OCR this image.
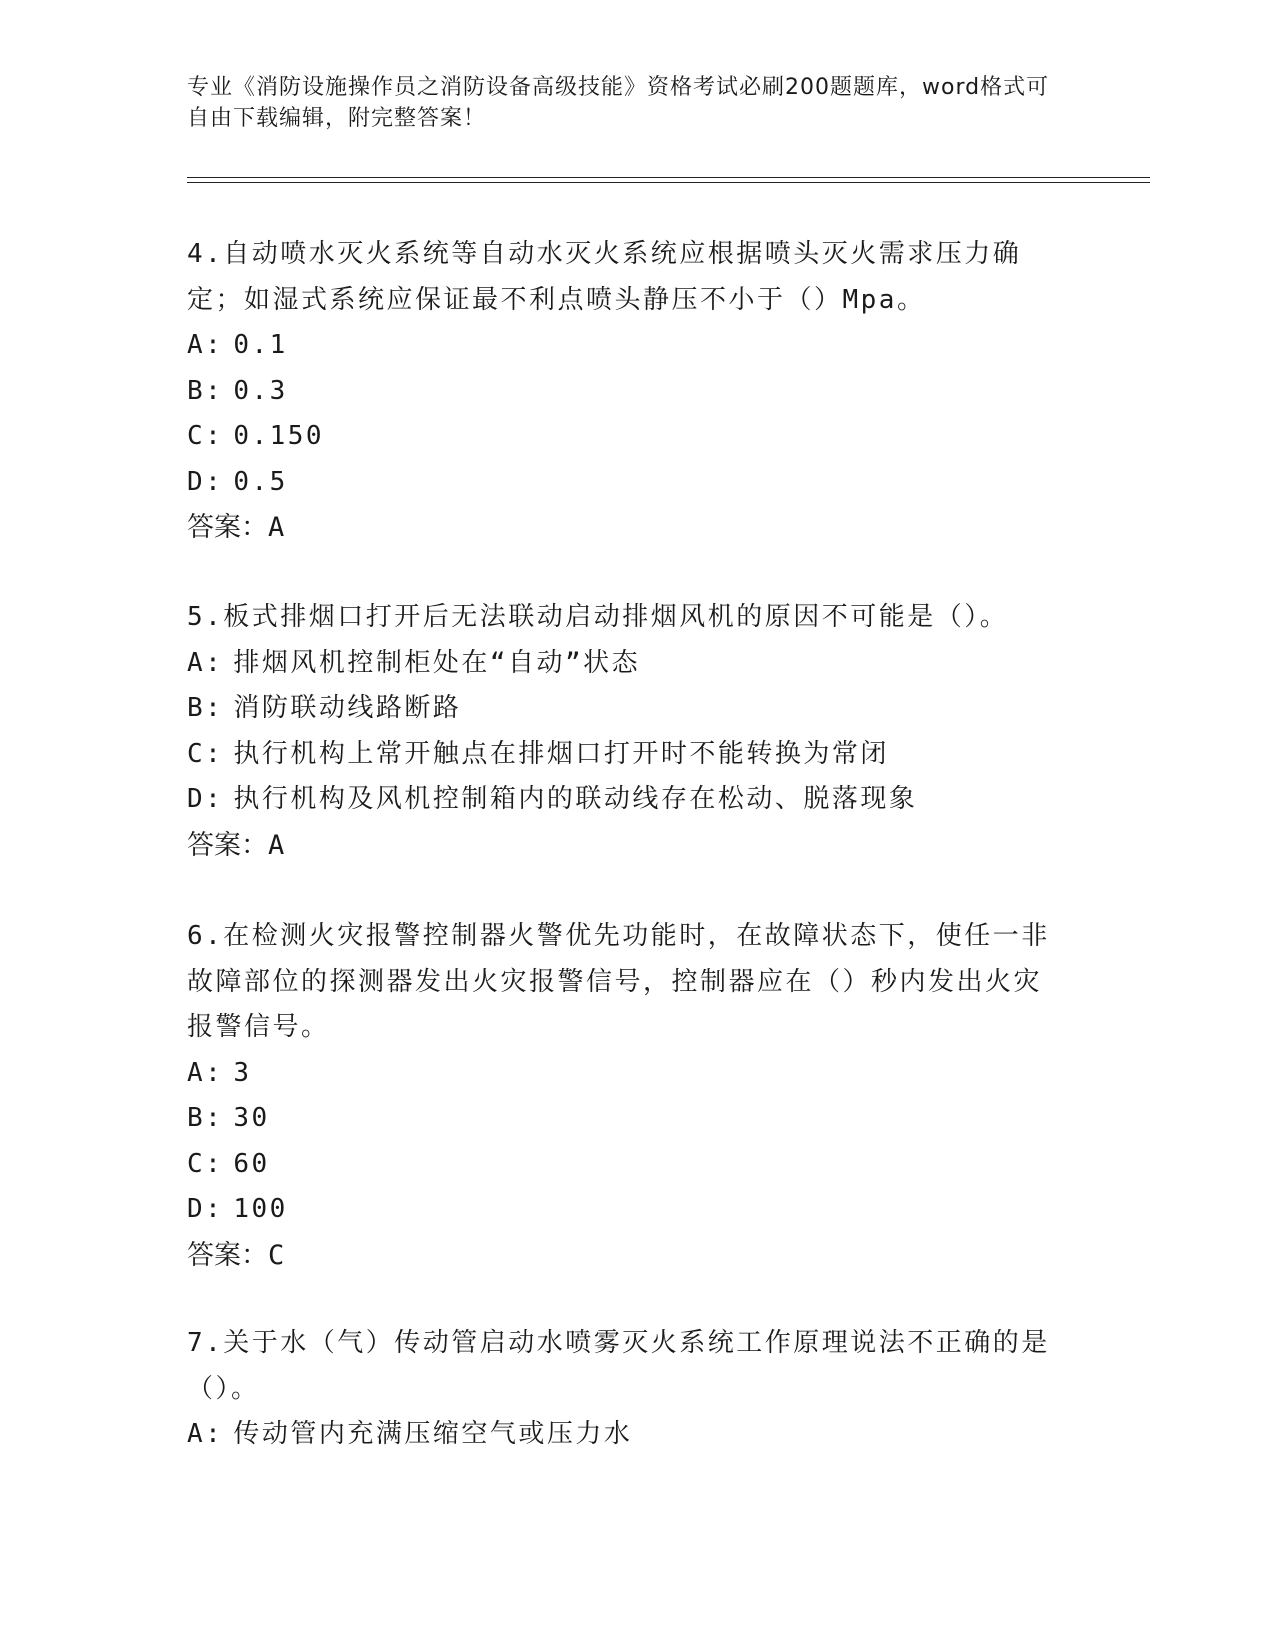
专业《消防设施操作员之消防设备高级技能》资格考试必刷200题题库，word格式可自由下载编辑，附完整答案！

4.自动喷水灭火系统等自动水灭火系统应根据喷头灭火需求压力确定；如湿式系统应保证最不利点喷头静压不小于（）Mpa。

A: 0.1

B: 0.3

C: 0.150

D: 0.5

答案：A

5.板式排烟口打开后无法联动启动排烟风机的原因不可能是（）。

A: 排烟风机控制柜处在“自动”状态

B: 消防联动线路断路

C: 执行机构上常开触点在排烟口打开时不能转换为常闭

D: 执行机构及风机控制箱内的联动线存在松动、脱落现象

答案：A

6.在检测火灾报警控制器火警优先功能时，在故障状态下，使任一非故障部位的探测器发出火灾报警信号，控制器应在（）秒内发出火灾报警信号。

A: 3

B: 30

C: 60

D: 100

答案：C

7.关于水（气）传动管启动水喷雾灭火系统工作原理说法不正确的是（）。

A: 传动管内充满压缩空气或压力水
